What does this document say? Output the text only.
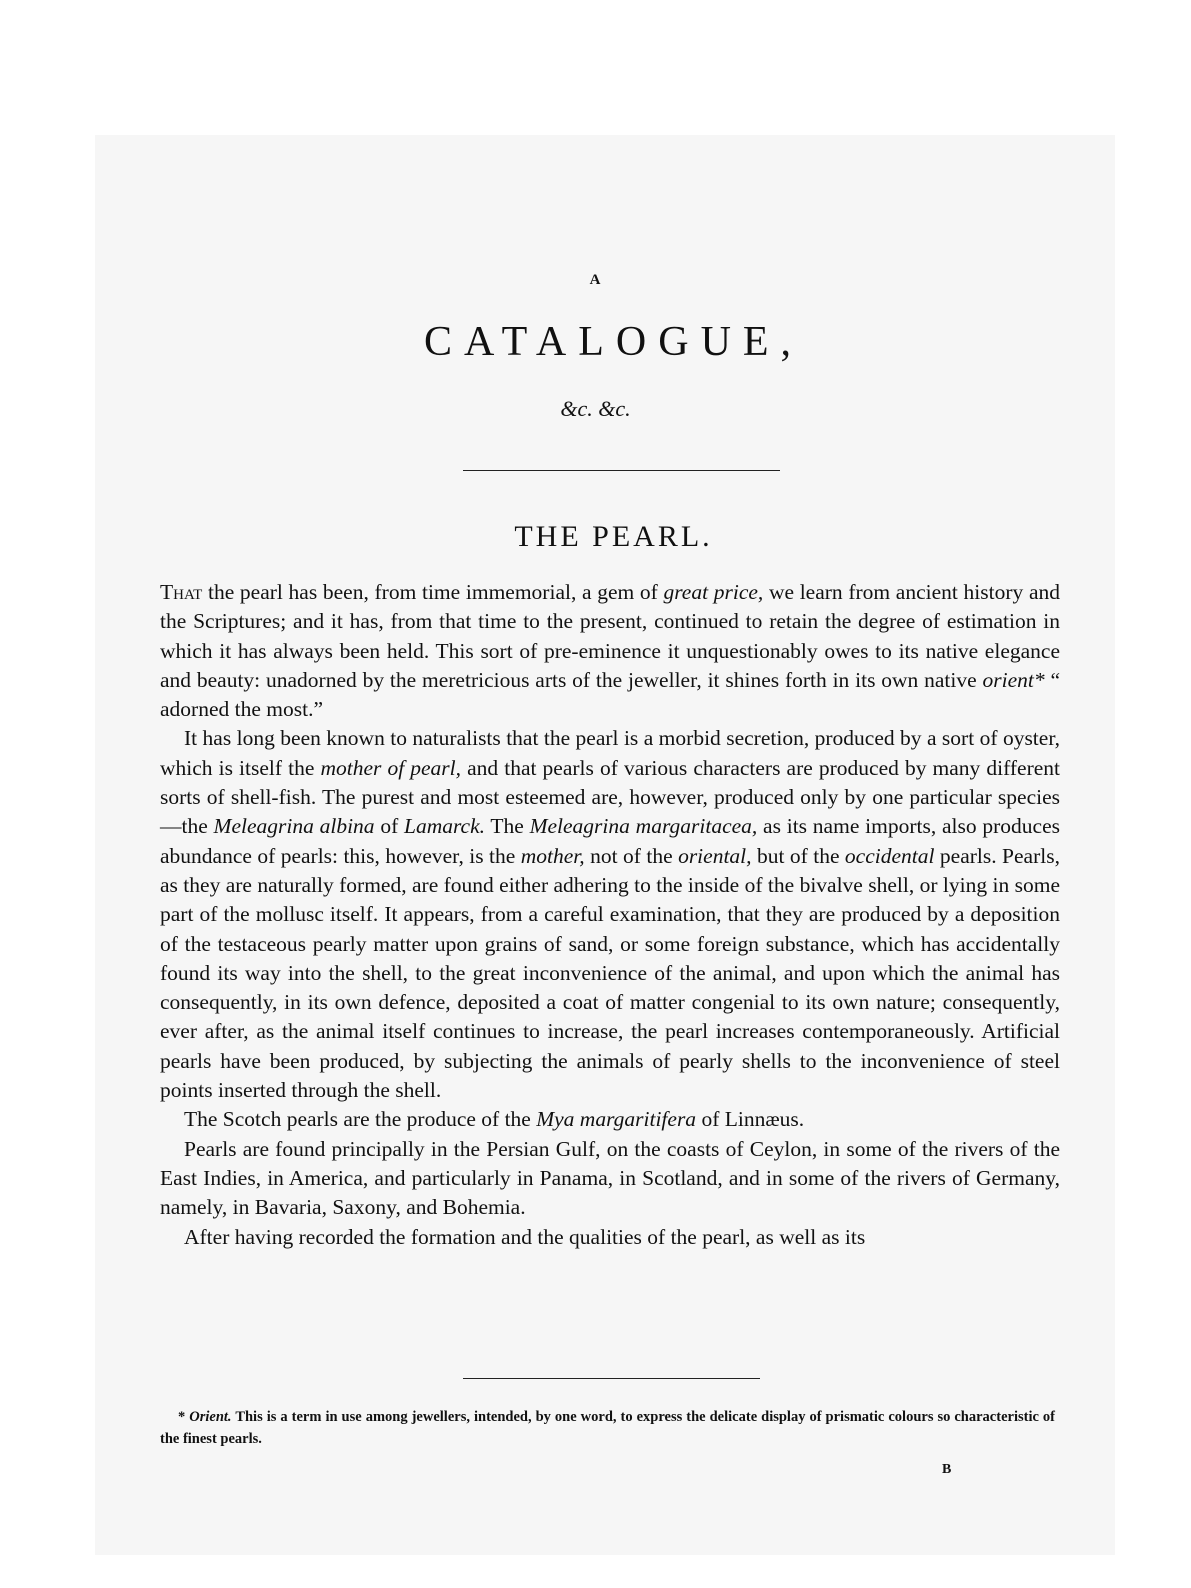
A
CATALOGUE,
&c. &c.
THE PEARL.

That the pearl has been, from time immemorial, a gem of great price, we learn from ancient history and the Scriptures; and it has, from that time to the present, continued to retain the degree of estimation in which it has always been held. This sort of pre-eminence it unquestionably owes to its native elegance and beauty: unadorned by the meretricious arts of the jeweller, it shines forth in its own native orient* “ adorned the most.”

It has long been known to naturalists that the pearl is a morbid secretion, produced by a sort of oyster, which is itself the mother of pearl, and that pearls of various characters are produced by many different sorts of shell-fish. The purest and most esteemed are, however, produced only by one particular species—the Meleagrina albina of Lamarck. The Meleagrina margaritacea, as its name imports, also produces abundance of pearls: this, however, is the mother, not of the oriental, but of the occidental pearls. Pearls, as they are naturally formed, are found either adhering to the inside of the bivalve shell, or lying in some part of the mollusc itself. It appears, from a careful examination, that they are produced by a deposition of the testaceous pearly matter upon grains of sand, or some foreign substance, which has accidentally found its way into the shell, to the great inconvenience of the animal, and upon which the animal has consequently, in its own defence, deposited a coat of matter congenial to its own nature; consequently, ever after, as the animal itself continues to increase, the pearl increases contemporaneously. Artificial pearls have been produced, by subjecting the animals of pearly shells to the inconvenience of steel points inserted through the shell.

The Scotch pearls are the produce of the Mya margaritifera of Linnæus.

Pearls are found principally in the Persian Gulf, on the coasts of Ceylon, in some of the rivers of the East Indies, in America, and particularly in Panama, in Scotland, and in some of the rivers of Germany, namely, in Bavaria, Saxony, and Bohemia.

After having recorded the formation and the qualities of the pearl, as well as its

* Orient. This is a term in use among jewellers, intended, by one word, to express the delicate display of prismatic colours so characteristic of the finest pearls.
B
